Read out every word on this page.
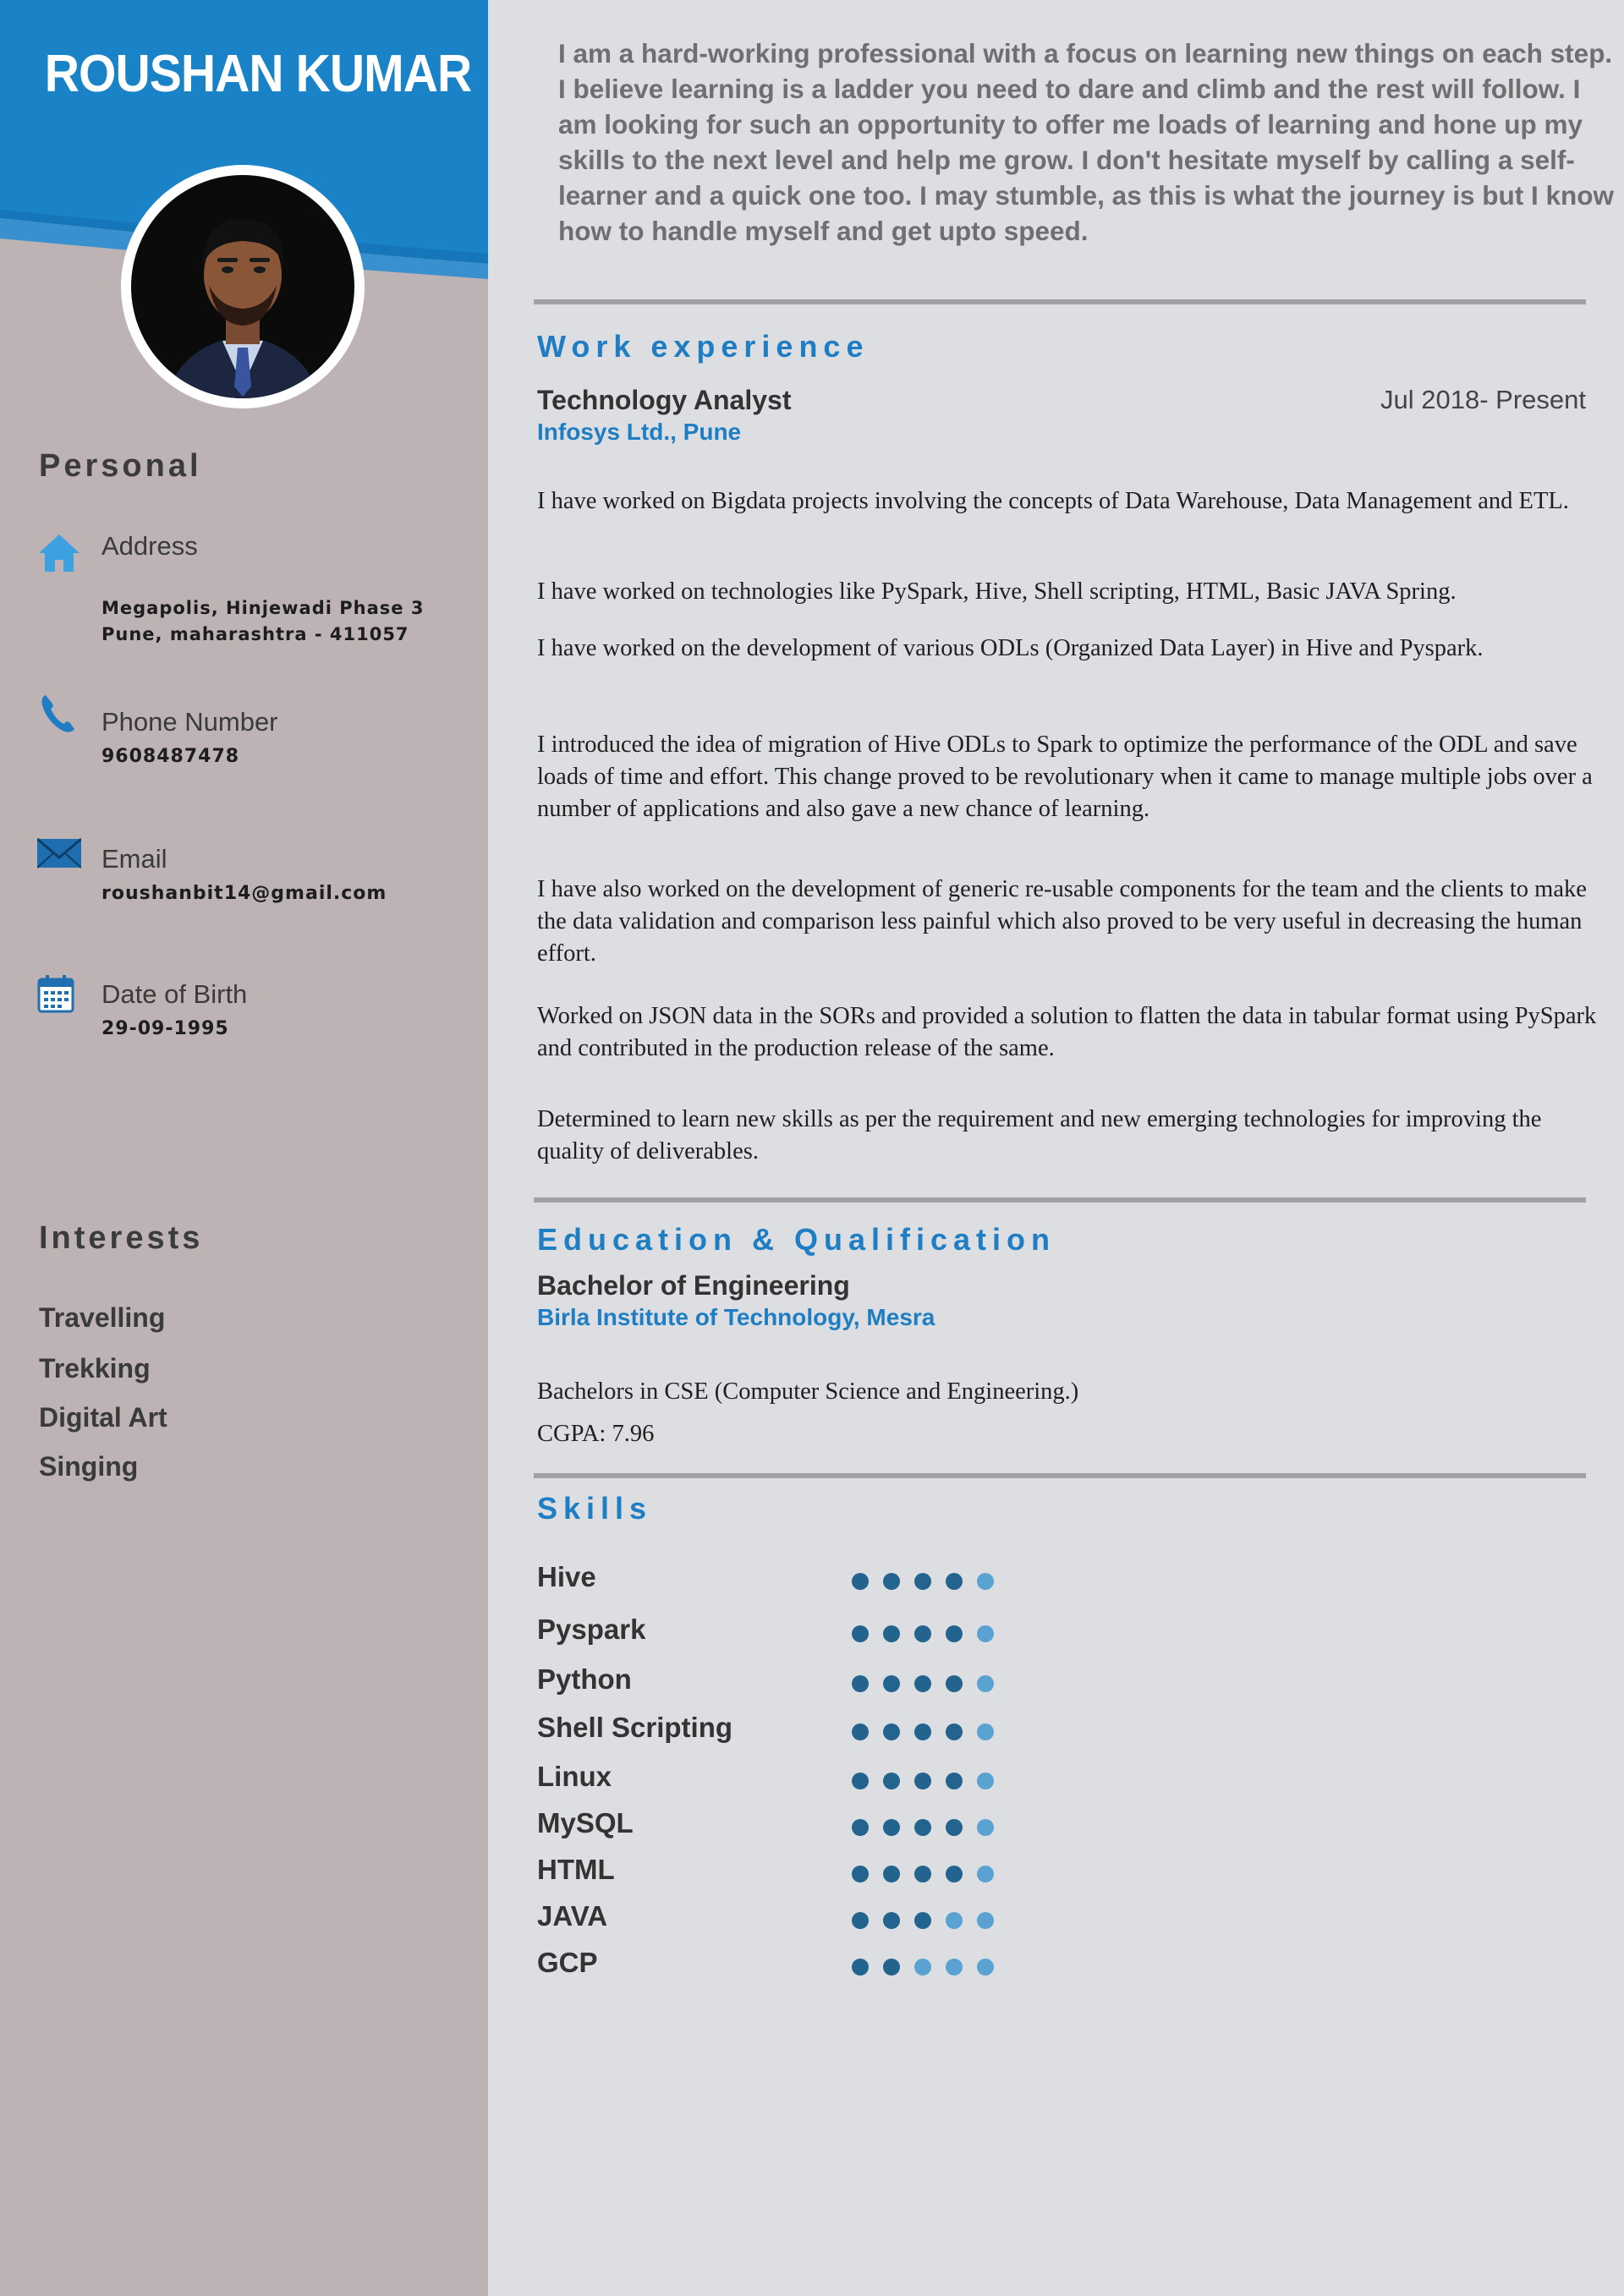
ROUSHAN KUMAR
Personal
Address
Megapolis, Hinjewadi Phase 3
Pune, maharashtra - 411057
Phone Number
9608487478
Email
roushanbit14@gmail.com
Date of Birth
29-09-1995
Interests
Travelling
Trekking
Digital Art
Singing
I am a hard-working professional with a focus on learning new things on each step. I believe learning is a ladder you need to dare and climb and the rest will follow. I am looking for such an opportunity to offer me loads of learning and hone up my skills to the next level and help me grow. I don't hesitate myself by calling a self-learner and a quick one too. I may stumble, as this is what the journey is but I know how to handle myself and get upto speed.
Work experience
Technology Analyst	Jul 2018- Present
Infosys Ltd., Pune
I have worked on Bigdata projects involving the concepts of Data Warehouse, Data Management and ETL.
I have worked on technologies like PySpark, Hive, Shell scripting, HTML, Basic JAVA Spring.
I have worked on the development of various ODLs (Organized Data Layer) in Hive and Pyspark.
I introduced the idea of migration of Hive ODLs to Spark to optimize the performance of the ODL and save loads of time and effort. This change proved to be revolutionary when it came to manage multiple jobs over a number of applications and also gave a new chance of learning.
I have also worked on the development of generic re-usable components for the team and the clients to make the data validation and comparison less painful which also proved to be very useful in decreasing the human effort.
Worked on JSON data in the SORs and provided a solution to flatten the data in tabular format using PySpark and contributed in the production release of the same.
Determined to learn new skills as per the requirement and new emerging technologies for improving the quality of deliverables.
Education & Qualification
Bachelor of Engineering
Birla Institute of Technology, Mesra
Bachelors in CSE (Computer Science and Engineering.)
CGPA: 7.96
Skills
Hive
Pyspark
Python
Shell Scripting
Linux
MySQL
HTML
JAVA
GCP
